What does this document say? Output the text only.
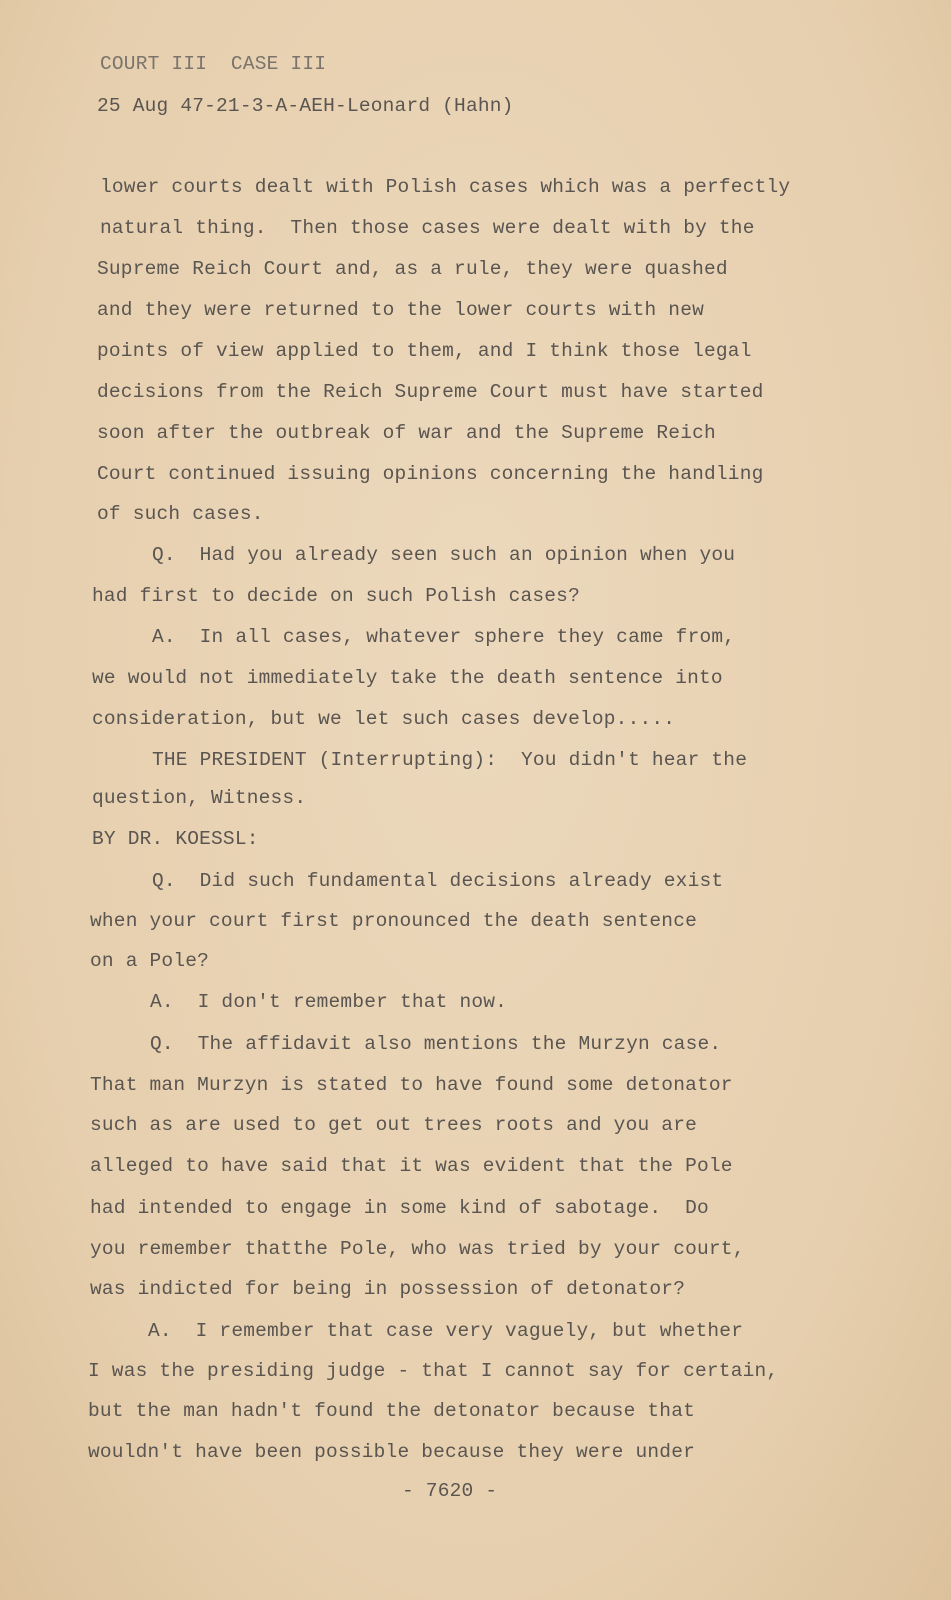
COURT III  CASE III
25 Aug 47-21-3-A-AEH-Leonard (Hahn)
lower courts dealt with Polish cases which was a perfectly
natural thing.  Then those cases were dealt with by the
Supreme Reich Court and, as a rule, they were quashed
and they were returned to the lower courts with new
points of view applied to them, and I think those legal
decisions from the Reich Supreme Court must have started
soon after the outbreak of war and the Supreme Reich
Court continued issuing opinions concerning the handling
of such cases.
Q.  Had you already seen such an opinion when you
had first to decide on such Polish cases?
A.  In all cases, whatever sphere they came from,
we would not immediately take the death sentence into
consideration, but we let such cases develop.....
THE PRESIDENT (Interrupting):  You didn't hear the
question, Witness.
BY DR. KOESSL:
Q.  Did such fundamental decisions already exist
when your court first pronounced the death sentence
on a Pole?
A.  I don't remember that now.
Q.  The affidavit also mentions the Murzyn case.
That man Murzyn is stated to have found some detonator
such as are used to get out trees roots and you are
alleged to have said that it was evident that the Pole
had intended to engage in some kind of sabotage.  Do
you remember thatthe Pole, who was tried by your court,
was indicted for being in possession of detonator?
A.  I remember that case very vaguely, but whether
I was the presiding judge - that I cannot say for certain,
but the man hadn't found the detonator because that
wouldn't have been possible because they were under
- 7620 -
